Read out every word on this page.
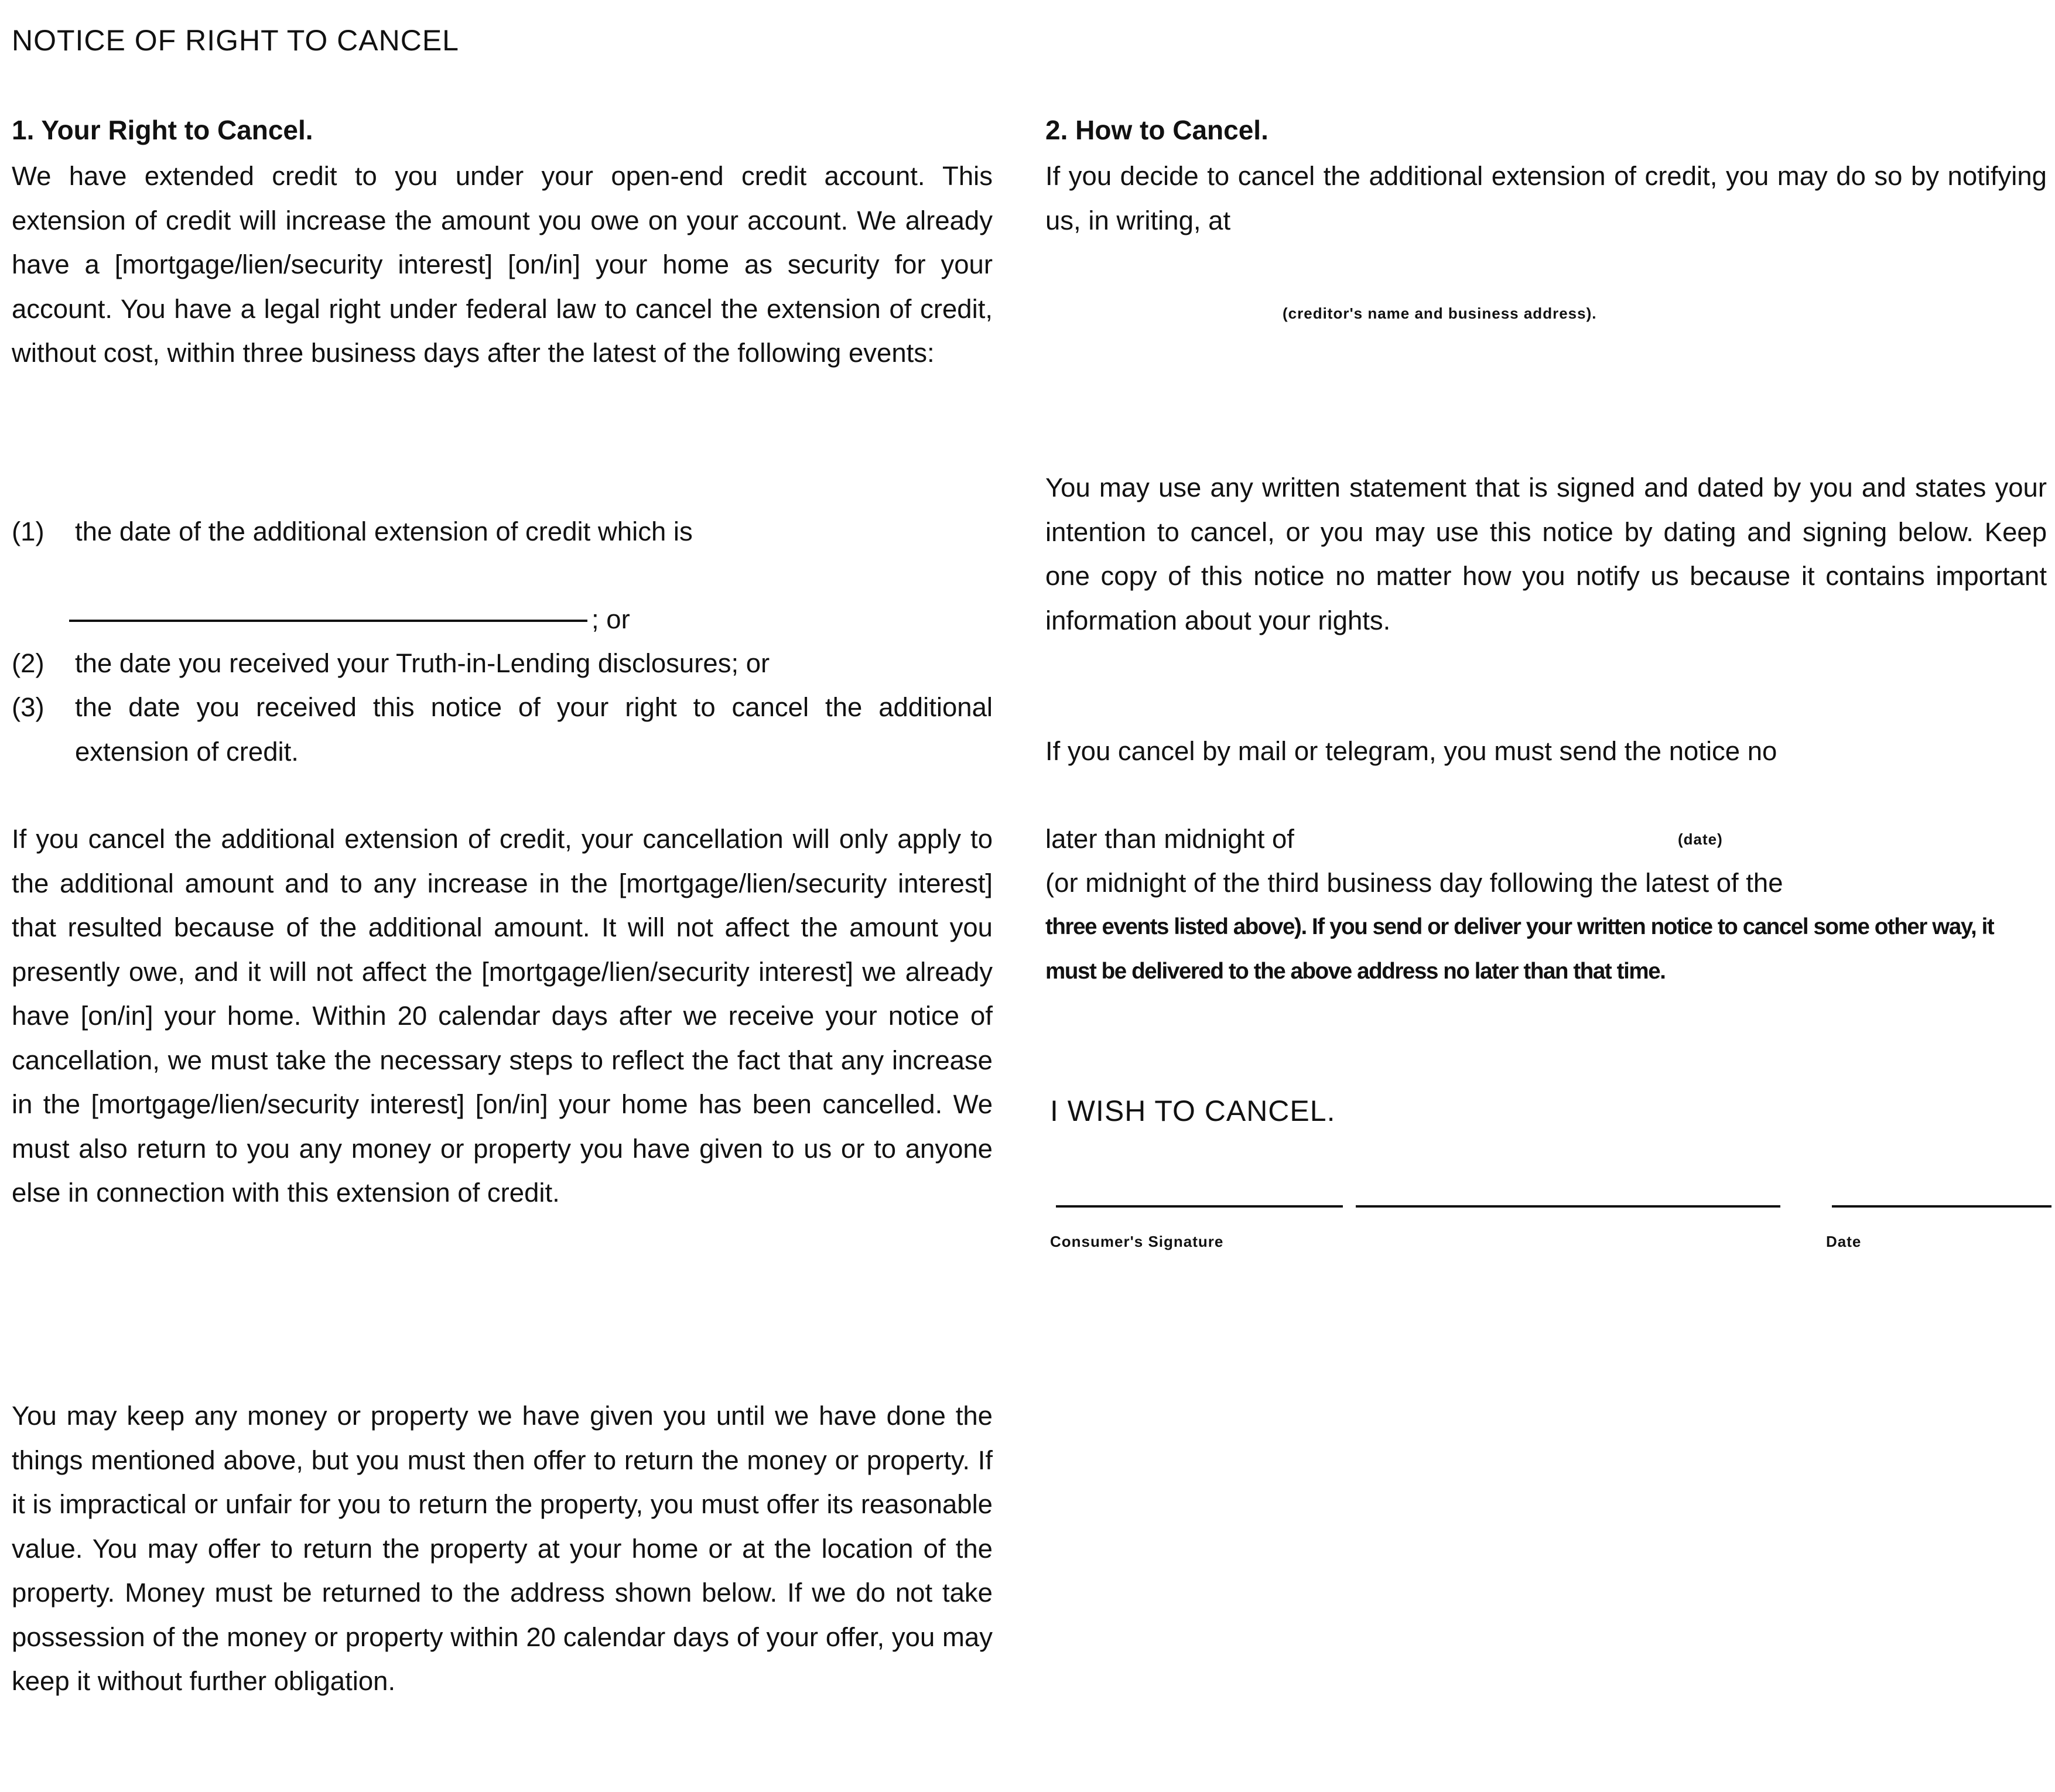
NOTICE OF RIGHT TO CANCEL
1. Your Right to Cancel.
We have extended credit to you under your open-end credit account. This extension of credit will increase the amount you owe on your account. We already have a [mortgage/lien/security interest] [on/in] your home as security for your account. You have a legal right under federal law to cancel the extension of credit, without cost, within three business days after the latest of the following events:
(1) the date of the additional extension of credit which is
; or
(2) the date you received your Truth-in-Lending disclosures; or
(3) the date you received this notice of your right to cancel the additional extension of credit.
If you cancel the additional extension of credit, your cancellation will only apply to the additional amount and to any increase in the [mortgage/lien/security interest] that resulted because of the additional amount. It will not affect the amount you presently owe, and it will not affect the [mortgage/lien/security interest] we already have [on/in] your home. Within 20 calendar days after we receive your notice of cancellation, we must take the necessary steps to reflect the fact that any increase in the [mortgage/lien/security interest] [on/in] your home has been cancelled. We must also return to you any money or property you have given to us or to anyone else in connection with this extension of credit.
You may keep any money or property we have given you until we have done the things mentioned above, but you must then offer to return the money or property. If it is impractical or unfair for you to return the property, you must offer its reasonable value. You may offer to return the property at your home or at the location of the property. Money must be returned to the address shown below. If we do not take possession of the money or property within 20 calendar days of your offer, you may keep it without further obligation.
2. How to Cancel.
If you decide to cancel the additional extension of credit, you may do so by notifying us, in writing, at
(creditor's name and business address).
You may use any written statement that is signed and dated by you and states your intention to cancel, or you may use this notice by dating and signing below. Keep one copy of this notice no matter how you notify us because it contains important information about your rights.
If you cancel by mail or telegram, you must send the notice no
later than midnight of	(date)
(or midnight of the third business day following the latest of the
three events listed above). If you send or deliver your written notice to cancel some other way, it must be delivered to the above address no later than that time.
I WISH TO CANCEL.
Consumer's Signature	Date
